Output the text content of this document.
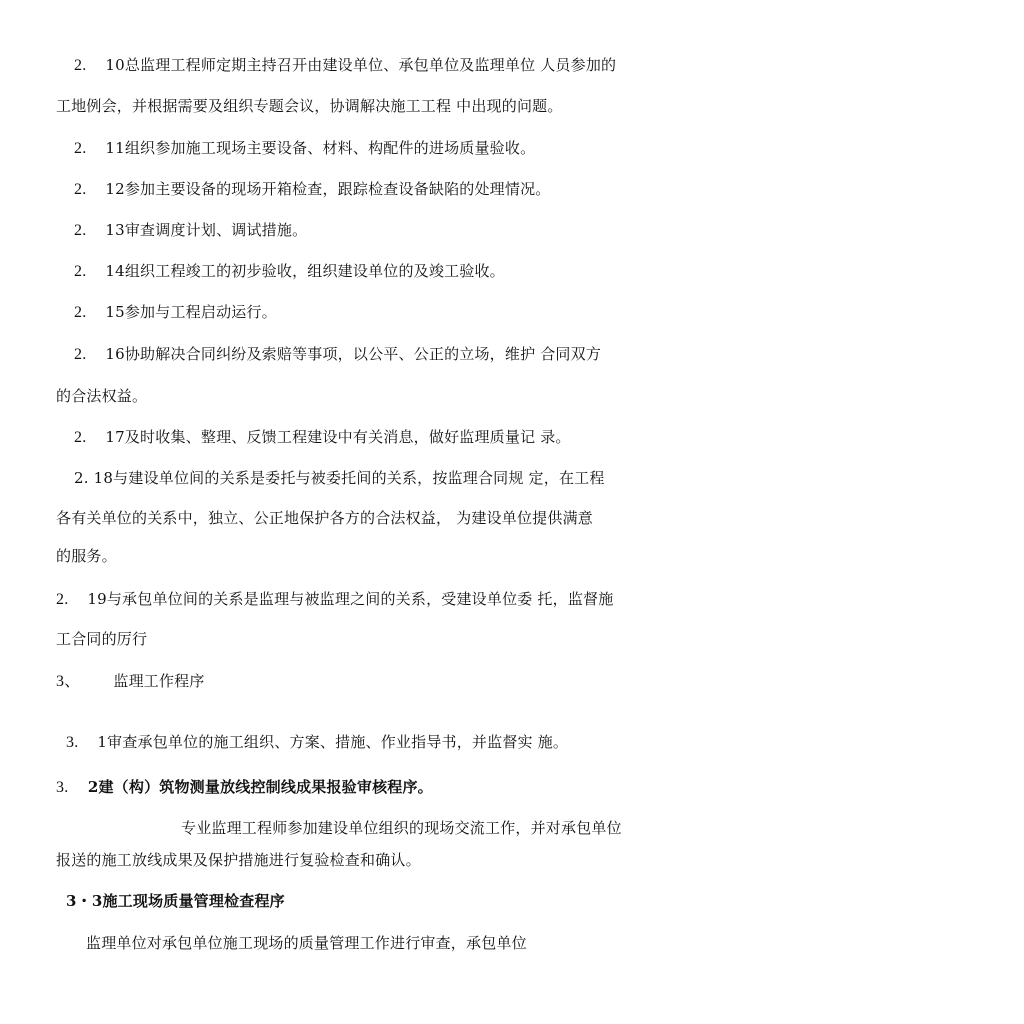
2. 10总监理工程师定期主持召开由建设单位、承包单位及监理单位 人员参加的
工地例会，并根据需要及组织专题会议，协调解决施工工程 中出现的问题。
2. 11组织参加施工现场主要设备、材料、构配件的进场质量验收。
2. 12参加主要设备的现场开箱检查，跟踪检查设备缺陷的处理情况。
2. 13审查调度计划、调试措施。
2. 14组织工程竣工的初步验收，组织建设单位的及竣工验收。
2. 15参加与工程启动运行。
2. 16协助解决合同纠纷及索赔等事项，以公平、公正的立场，维护 合同双方
的合法权益。
2. 17及时收集、整理、反馈工程建设中有关消息，做好监理质量记 录。
2. 18与建设单位间的关系是委托与被委托间的关系，按监理合同规 定，在工程
各有关单位的关系中，独立、公正地保护各方的合法权益， 为建设单位提供满意
的服务。
2. 19与承包单位间的关系是监理与被监理之间的关系，受建设单位委 托，监督施
工合同的厉行
3、 监理工作程序
3. 1审查承包单位的施工组织、方案、措施、作业指导书，并监督实 施。
3. 2建（构）筑物测量放线控制线成果报验审核程序。
专业监理工程师参加建设单位组织的现场交流工作，并对承包单位
报送的施工放线成果及保护措施进行复验检查和确认。
3・3施工现场质量管理检查程序
监理单位对承包单位施工现场的质量管理工作进行审查，承包单位
